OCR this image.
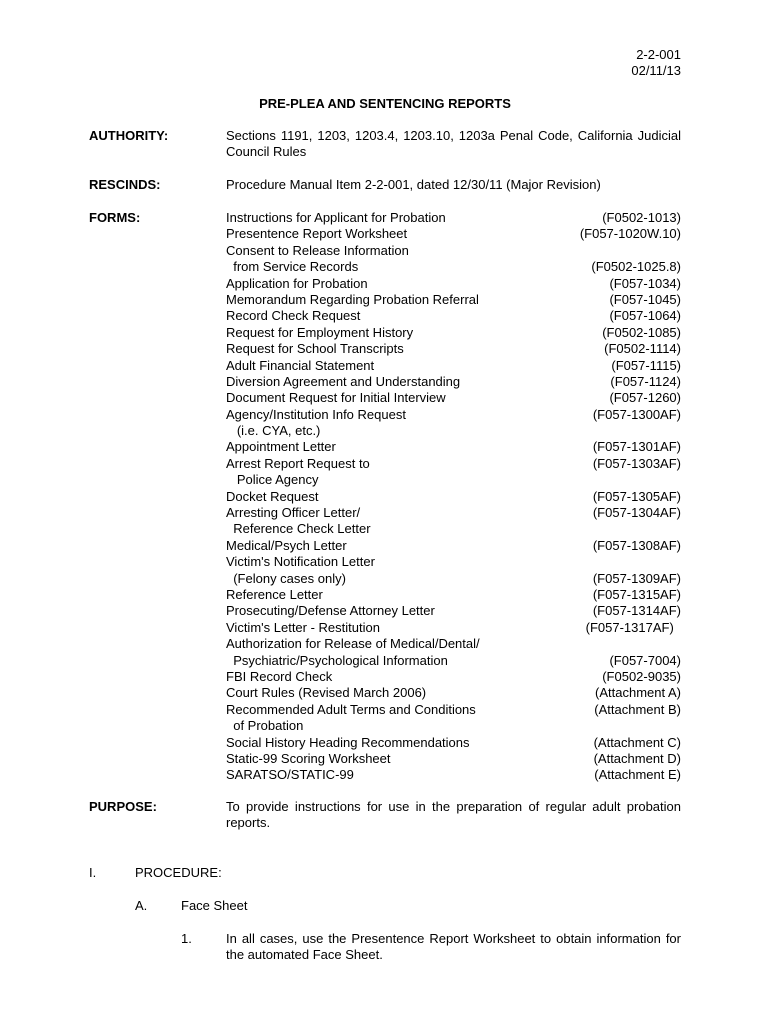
2-2-001
02/11/13
PRE-PLEA AND SENTENCING REPORTS
AUTHORITY:	Sections 1191, 1203, 1203.4, 1203.10, 1203a Penal Code, California Judicial Council Rules
RESCINDS:	Procedure Manual Item 2-2-001, dated 12/30/11 (Major Revision)
FORMS:	Instructions for Applicant for Probation	(F0502-1013)
Presentence Report Worksheet	(F057-1020W.10)
Consent to Release Information
from Service Records	(F0502-1025.8)
Application for Probation	(F057-1034)
Memorandum Regarding Probation Referral	(F057-1045)
Record Check Request	(F057-1064)
Request for Employment History	(F0502-1085)
Request for School Transcripts	(F0502-1114)
Adult Financial Statement	(F057-1115)
Diversion Agreement and Understanding	(F057-1124)
Document Request for Initial Interview	(F057-1260)
Agency/Institution Info Request	(F057-1300AF)
(i.e. CYA, etc.)
Appointment Letter	(F057-1301AF)
Arrest Report Request to	(F057-1303AF)
Police Agency
Docket Request	(F057-1305AF)
Arresting Officer Letter/	(F057-1304AF)
Reference Check Letter
Medical/Psych Letter	(F057-1308AF)
Victim's Notification Letter
(Felony cases only)	(F057-1309AF)
Reference Letter	(F057-1315AF)
Prosecuting/Defense Attorney Letter	(F057-1314AF)
Victim's Letter - Restitution	(F057-1317AF)
Authorization for Release of Medical/Dental/
Psychiatric/Psychological Information	(F057-7004)
FBI Record Check	(F0502-9035)
Court Rules (Revised March 2006)	(Attachment A)
Recommended Adult Terms and Conditions	(Attachment B)
of Probation
Social History Heading Recommendations	(Attachment C)
Static-99 Scoring Worksheet	(Attachment D)
SARATSO/STATIC-99	(Attachment E)
PURPOSE:	To provide instructions for use in the preparation of regular adult probation reports.
I.	PROCEDURE:
A.	Face Sheet
1.	In all cases, use the Presentence Report Worksheet to obtain information for the automated Face Sheet.
